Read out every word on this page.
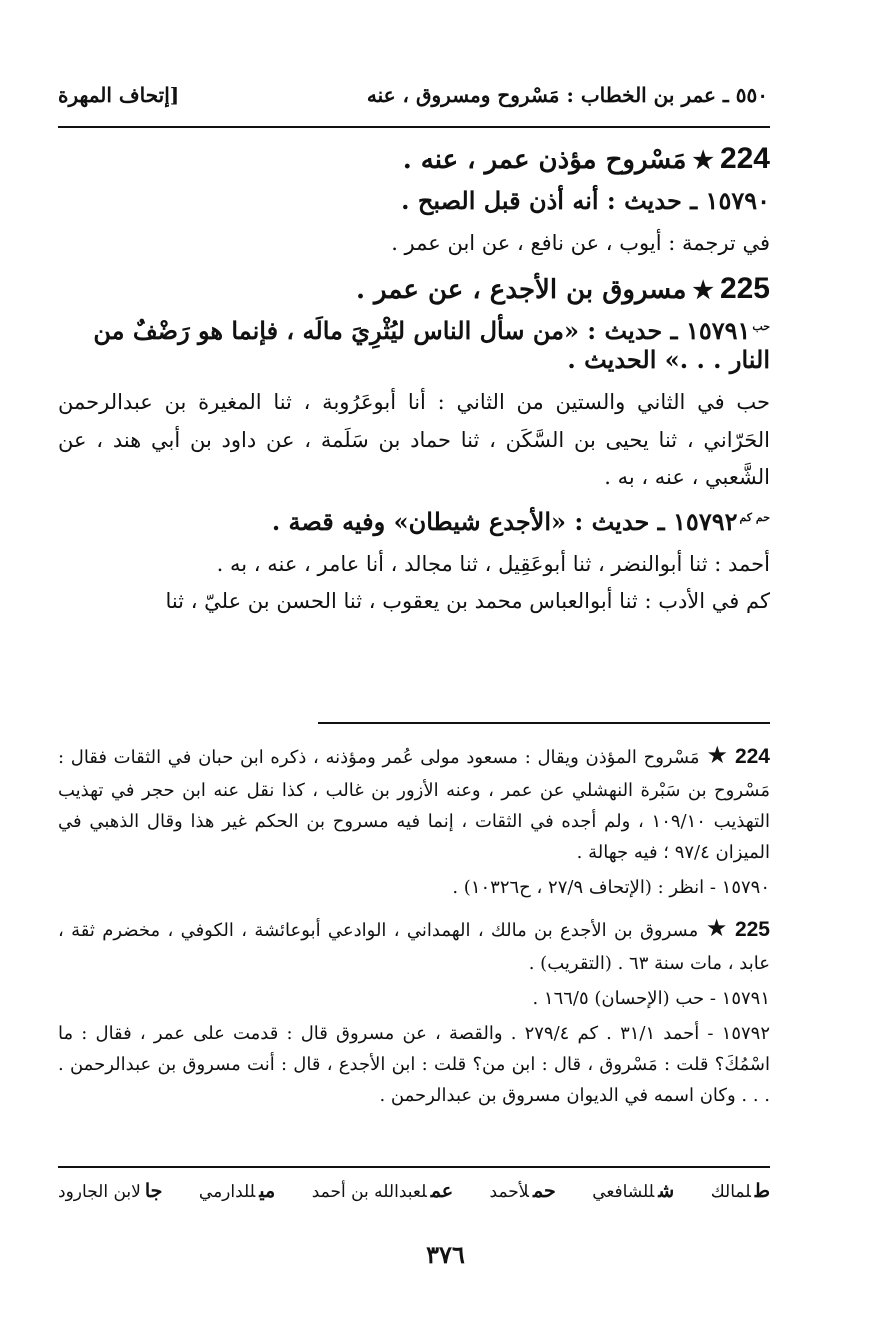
٥٥٠ ـ عمر بن الخطاب : مَسْروح ومسروق ، عنه
[إتحاف المهرة

224★مَسْروح مؤذن عمر ، عنه .

١٥٧٩٠ ـ حديث : أنه أذن قبل الصبح .

في ترجمة : أيوب ، عن نافع ، عن ابن عمر .

225★مسروق بن الأجدع ، عن عمر .

$^{حب}$١٥٧٩١ ـ حديث : «من سأل الناس ليُثْرِيَ مالَه ، فإنما هو رَضْفٌ من النار . . .» الحديث .

حب في الثاني والستين من الثاني : أنا أبوعَرُوبة ، ثنا المغيرة بن عبدالرحمن الحَرّاني ، ثنا يحيى بن السَّكَن ، ثنا حماد بن سَلَمة ، عن داود بن أبي هند ، عن الشَّعبي ، عنه ، به .

$^{حم كم}$١٥٧٩٢ ـ حديث : «الأجدع شيطان» وفيه قصة .

أحمد : ثنا أبوالنضر ، ثنا أبوعَقِيل ، ثنا مجالد ، أنا عامر ، عنه ، به .

كم في الأدب : ثنا أبوالعباس محمد بن يعقوب ، ثنا الحسن بن عليّ ، ثنا

224★مَسْروح المؤذن ويقال : مسعود مولى عُمر ومؤذنه ، ذكره ابن حبان في الثقات فقال : مَسْروح بن سَبْرة النهشلي عن عمر ، وعنه الأزور بن غالب ، كذا نقل عنه ابن حجر في تهذيب التهذيب ١٠٩/١٠ ، ولم أجده في الثقات ، إنما فيه مسروح بن الحكم غير هذا وقال الذهبي في الميزان ٩٧/٤ ؛ فيه جهالة .

١٥٧٩٠ - انظر : (الإتحاف ٢٧/٩ ، ح١٠٣٢٦) .

225★مسروق بن الأجدع بن مالك ، الهمداني ، الوادعي أبوعائشة ، الكوفي ، مخضرم ثقة ، عابد ، مات سنة ٦٣ . (التقريب) .

١٥٧٩١ - حب (الإحسان) ١٦٦/٥ .

١٥٧٩٢ - أحمد ٣١/١ . كم ٢٧٩/٤ . والقصة ، عن مسروق قال : قدمت على عمر ، فقال : ما اسْمُكَ؟ قلت : مَسْروق ، قال : ابن من؟ قلت : ابن الأجدع ، قال : أنت مسروق بن عبدالرحمن . . . . وكان اسمه في الديوان مسروق بن عبدالرحمن .

طلمالك
شللشافعي
حملأحمد
عملعبدالله بن أحمد
ميللدارمي
جالابن الجارود
٣٧٦
